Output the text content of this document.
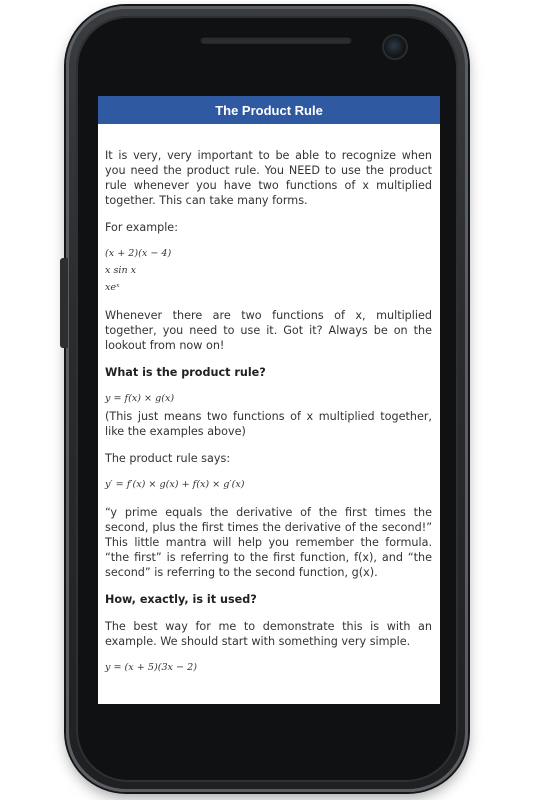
The Product Rule

It is very, very important to be able to recognize when you need the product rule. You NEED to use the product rule whenever you have two functions of x multiplied together. This can take many forms.

For example:

(x + 2)(x − 4)
x sin x
xeˣ

Whenever there are two functions of x, multiplied together, you need to use it. Got it? Always be on the lookout from now on!

What is the product rule?
y = f(x) × g(x)

(This just means two functions of x multiplied together, like the examples above)

The product rule says:

y′ = f′(x) × g(x) + f(x) × g′(x)

“y prime equals the derivative of the first times the second, plus the first times the derivative of the second!” This little mantra will help you remember the formula. “the first” is referring to the first function, f(x), and “the second” is referring to the second function, g(x).

How, exactly, is it used?

The best way for me to demonstrate this is with an example. We should start with something very simple.

y = (x + 5)(3x − 2)
